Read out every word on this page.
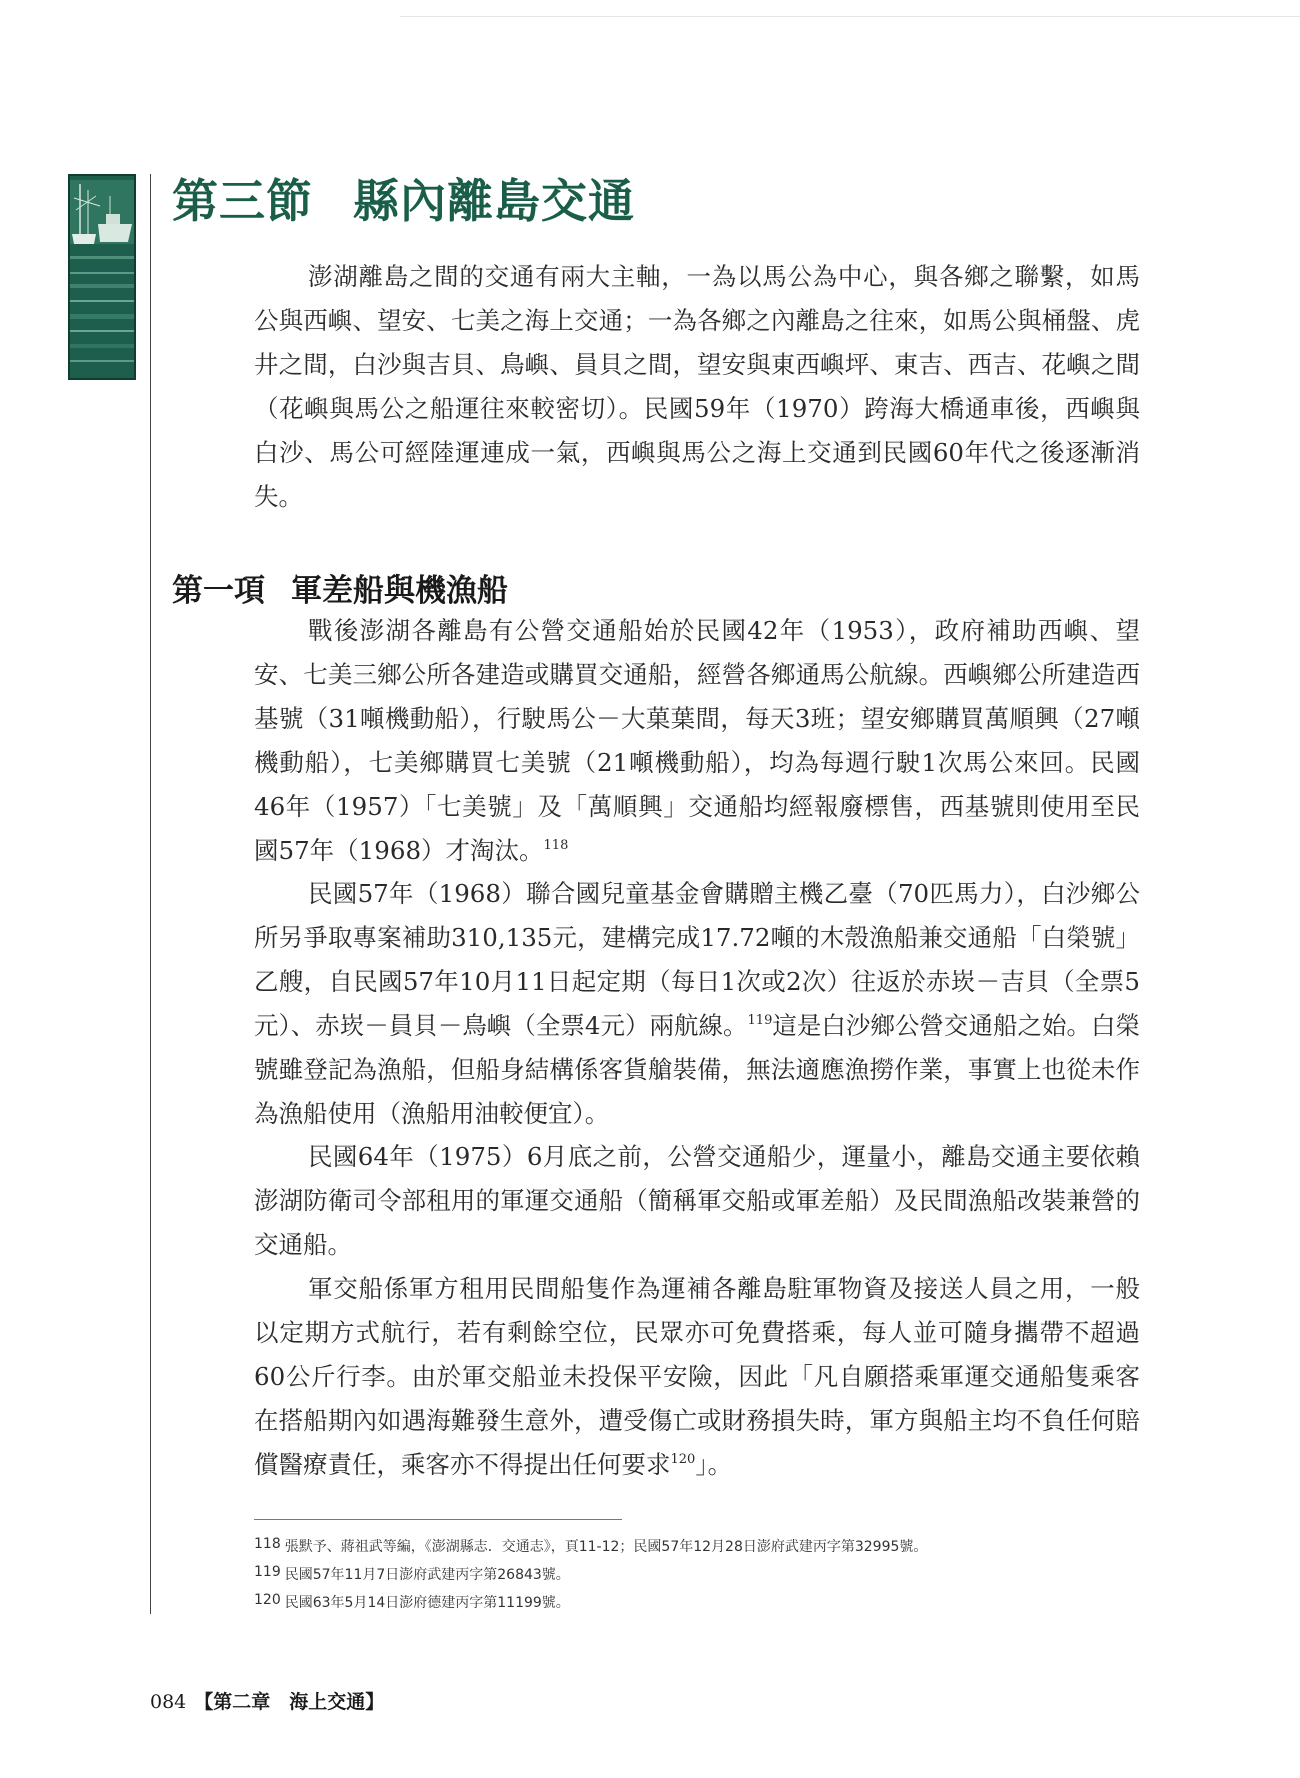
第三節 縣內離島交通

澎湖離島之間的交通有兩大主軸，一為以馬公為中心，與各鄉之聯繫，如馬公與西嶼、望安、七美之海上交通；一為各鄉之內離島之往來，如馬公與桶盤、虎井之間，白沙與吉貝、鳥嶼、員貝之間，望安與東西嶼坪、東吉、西吉、花嶼之間（花嶼與馬公之船運往來較密切）。民國59年（1970）跨海大橋通車後，西嶼與白沙、馬公可經陸運連成一氣，西嶼與馬公之海上交通到民國60年代之後逐漸消失。

第一項 軍差船與機漁船

戰後澎湖各離島有公營交通船始於民國42年（1953），政府補助西嶼、望安、七美三鄉公所各建造或購買交通船，經營各鄉通馬公航線。西嶼鄉公所建造西基號（31噸機動船），行駛馬公－大菓葉間，每天3班；望安鄉購買萬順興（27噸機動船），七美鄉購買七美號（21噸機動船），均為每週行駛1次馬公來回。民國46年（1957）「七美號」及「萬順興」交通船均經報廢標售，西基號則使用至民國57年（1968）才淘汰。$^{118}$

民國57年（1968）聯合國兒童基金會購贈主機乙臺（70匹馬力），白沙鄉公所另爭取專案補助310,135元，建構完成17.72噸的木殼漁船兼交通船「白榮號」乙艘，自民國57年10月11日起定期（每日1次或2次）往返於赤崁－吉貝（全票5元）、赤崁－員貝－鳥嶼（全票4元）兩航線。$^{119}$這是白沙鄉公營交通船之始。白榮號雖登記為漁船，但船身結構係客貨艙裝備，無法適應漁撈作業，事實上也從未作為漁船使用（漁船用油較便宜）。

民國64年（1975）6月底之前，公營交通船少，運量小，離島交通主要依賴澎湖防衛司令部租用的軍運交通船（簡稱軍交船或軍差船）及民間漁船改裝兼營的交通船。

軍交船係軍方租用民間船隻作為運補各離島駐軍物資及接送人員之用，一般以定期方式航行，若有剩餘空位，民眾亦可免費搭乘，每人並可隨身攜帶不超過60公斤行李。由於軍交船並未投保平安險，因此「凡自願搭乘軍運交通船隻乘客在搭船期內如遇海難發生意外，遭受傷亡或財務損失時，軍方與船主均不負任何賠償醫療責任，乘客亦不得提出任何要求$^{120}$」。

118 張默予、蔣祖武等編，《澎湖縣志．交通志》，頁11-12；民國57年12月28日澎府武建丙字第32995號。
119 民國57年11月7日澎府武建丙字第26843號。
120 民國63年5月14日澎府德建丙字第11199號。
084 【第二章　海上交通】
